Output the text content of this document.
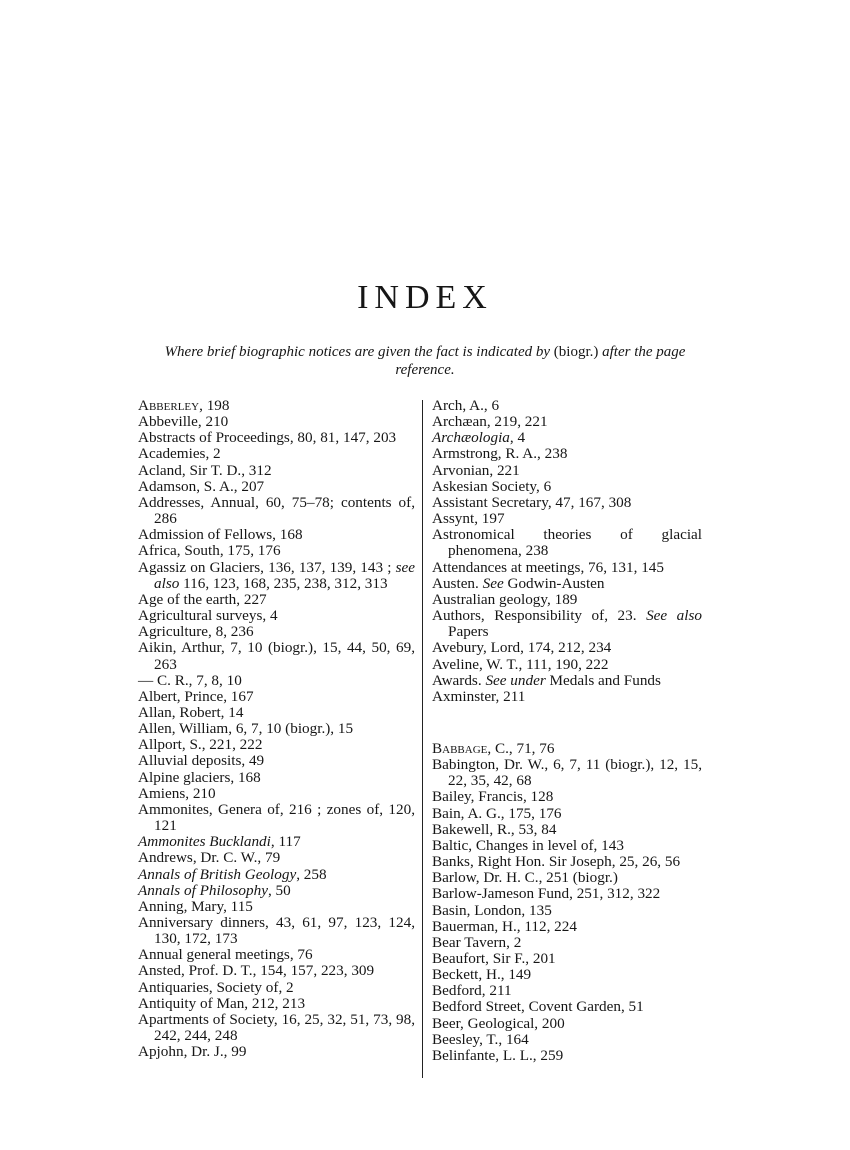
INDEX
Where brief biographic notices are given the fact is indicated by (biogr.) after the page reference.
Abberley, 198
Abbeville, 210
Abstracts of Proceedings, 80, 81, 147, 203
Academies, 2
Acland, Sir T. D., 312
Adamson, S. A., 207
Addresses, Annual, 60, 75–78; contents of, 286
Admission of Fellows, 168
Africa, South, 175, 176
Agassiz on Glaciers, 136, 137, 139, 143 ; see also 116, 123, 168, 235, 238, 312, 313
Age of the earth, 227
Agricultural surveys, 4
Agriculture, 8, 236
Aikin, Arthur, 7, 10 (biogr.), 15, 44, 50, 69, 263
— C. R., 7, 8, 10
Albert, Prince, 167
Allan, Robert, 14
Allen, William, 6, 7, 10 (biogr.), 15
Allport, S., 221, 222
Alluvial deposits, 49
Alpine glaciers, 168
Amiens, 210
Ammonites, Genera of, 216 ; zones of, 120, 121
Ammonites Bucklandi, 117
Andrews, Dr. C. W., 79
Annals of British Geology, 258
Annals of Philosophy, 50
Anning, Mary, 115
Anniversary dinners, 43, 61, 97, 123, 124, 130, 172, 173
Annual general meetings, 76
Ansted, Prof. D. T., 154, 157, 223, 309
Antiquaries, Society of, 2
Antiquity of Man, 212, 213
Apartments of Society, 16, 25, 32, 51, 73, 98, 242, 244, 248
Apjohn, Dr. J., 99
Arch, A., 6
Archæan, 219, 221
Archæologia, 4
Armstrong, R. A., 238
Arvonian, 221
Askesian Society, 6
Assistant Secretary, 47, 167, 308
Assynt, 197
Astronomical theories of glacial phenomena, 238
Attendances at meetings, 76, 131, 145
Austen. See Godwin-Austen
Australian geology, 189
Authors, Responsibility of, 23. See also Papers
Avebury, Lord, 174, 212, 234
Aveline, W. T., 111, 190, 222
Awards. See under Medals and Funds
Axminster, 211
Babbage, C., 71, 76
Babington, Dr. W., 6, 7, 11 (biogr.), 12, 15, 22, 35, 42, 68
Bailey, Francis, 128
Bain, A. G., 175, 176
Bakewell, R., 53, 84
Baltic, Changes in level of, 143
Banks, Right Hon. Sir Joseph, 25, 26, 56
Barlow, Dr. H. C., 251 (biogr.)
Barlow-Jameson Fund, 251, 312, 322
Basin, London, 135
Bauerman, H., 112, 224
Bear Tavern, 2
Beaufort, Sir F., 201
Beckett, H., 149
Bedford, 211
Bedford Street, Covent Garden, 51
Beer, Geological, 200
Beesley, T., 164
Belinfante, L. L., 259
